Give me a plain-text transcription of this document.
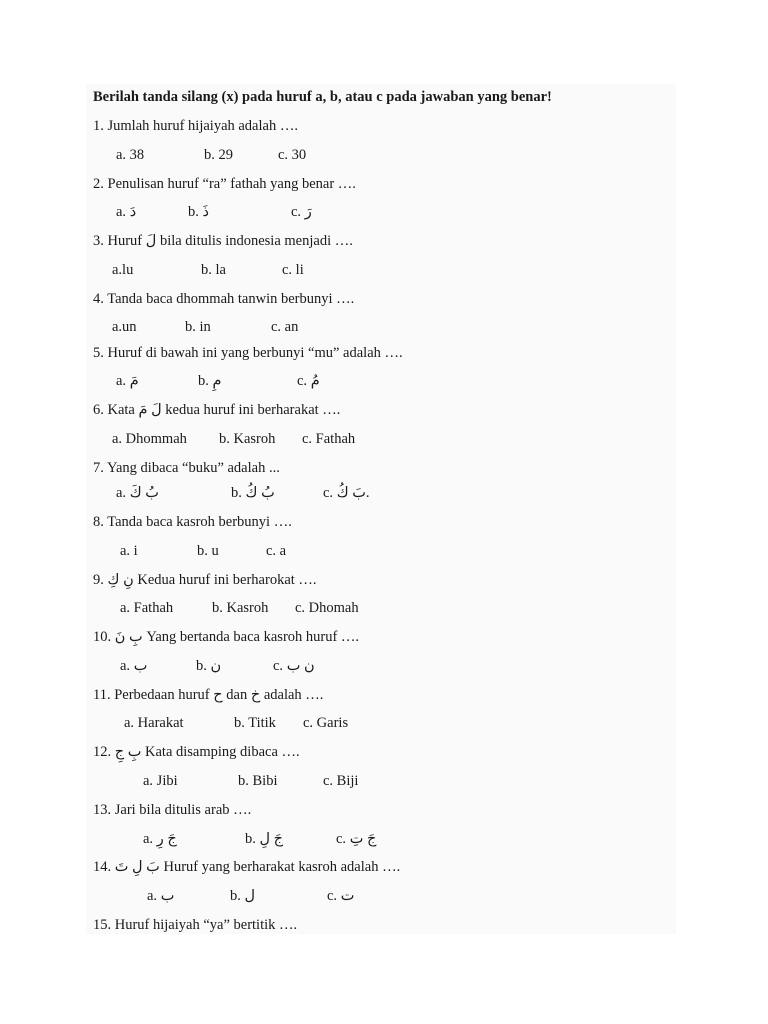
Berilah tanda silang (x) pada huruf a, b, atau c pada jawaban yang benar!
1. Jumlah huruf hijaiyah adalah ….
a. 38	b. 29	c. 30
2. Penulisan huruf “ra” fathah yang benar ….
a. دَ	b. ذَ	c. رَ
3. Huruf لَ bila ditulis indonesia menjadi ….
a.lu	b. la	c. li
4. Tanda baca dhommah tanwin berbunyi ….
a.un	b. in	c. an
5. Huruf di bawah ini yang berbunyi “mu” adalah ….
a. مَ	b. مِ	c. مُ
6. Kata لَ مَ kedua huruf ini berharakat ….
a. Dhommah b. Kasroh c. Fathah
7. Yang dibaca “buku” adalah ...
a. بُ كَ	b. بُ كُ	c. بَ كُ.
8. Tanda baca kasroh berbunyi ….
a. i	b. u	c. a
9. نِ كِ Kedua huruf ini berharokat ….
a. Fathah	b. Kasroh c. Dhomah
10. بِ نَ Yang bertanda baca kasroh huruf ….
a. ب	b. ن	c. ن ب
11. Perbedaan huruf ح dan خ adalah ….
a. Harakat	b. Titik c. Garis
12. بِ جِ Kata disamping dibaca ….
a. Jibi	b. Bibi	c. Biji
13. Jari bila ditulis arab ….
a. جَ رِ	b. جَ لِ	c. جَ تِ
14. بَ لِ تَ Huruf yang berharakat kasroh adalah ….
a. ب	b. ل	c. ت
15. Huruf hijaiyah “ya” bertitik ….
